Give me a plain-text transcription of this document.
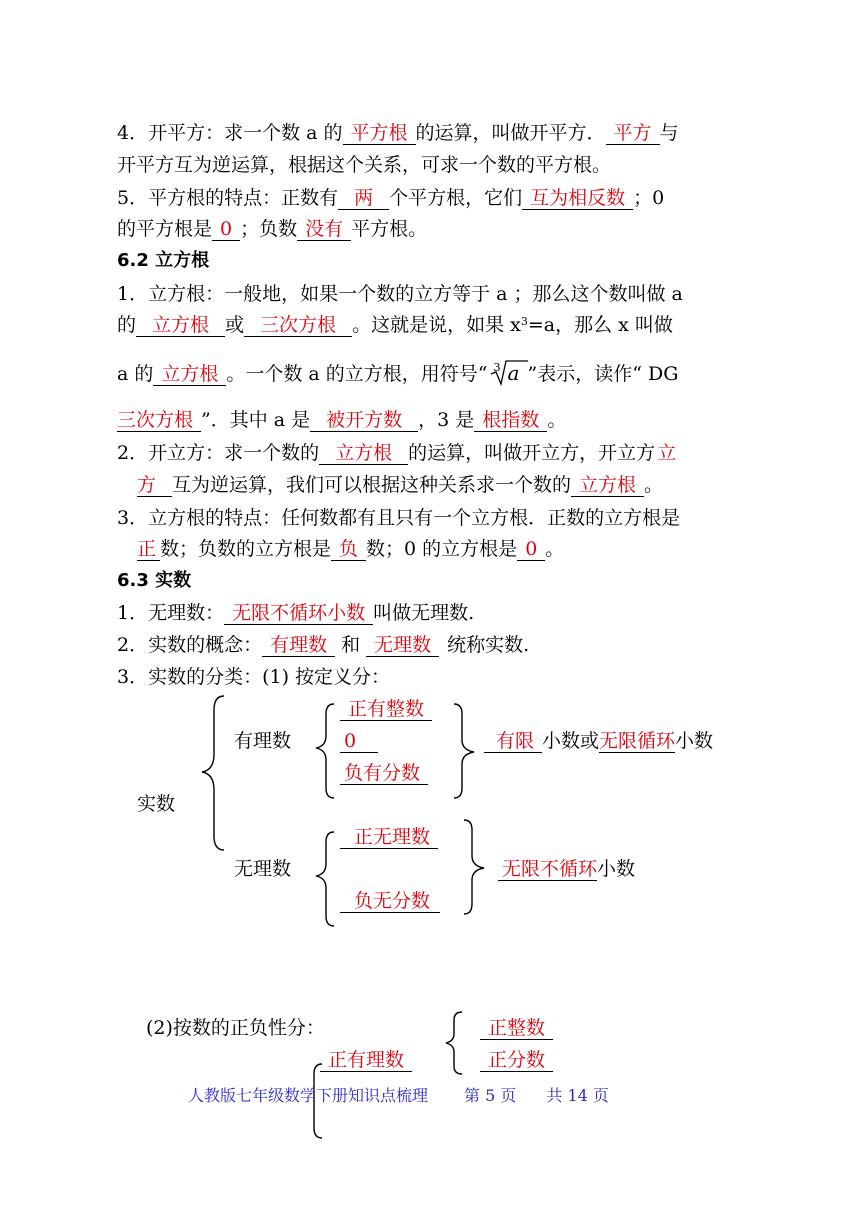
4．开平方：求一个数 a 的 平方根 的运算，叫做开平方． 平方 与
开平方互为逆运算，根据这个关系，可求一个数的平方根。
5．平方根的特点：正数有 两 个平方根，它们 互为相反数 ；0
的平方根是 0 ；负数 没有 平方根。
6.2 立方根
1．立方根：一般地，如果一个数的立方等于 a ；那么这个数叫做 a
的 立方根 或 三次方根 。这就是说，如果 $x^3=a$，那么 x 叫做
a 的 立方根 。一个数 a 的立方根，用符号“ 3 a ”表示，读作“ DG
三次方根 ”．其中 a 是 被开方数 ，3 是 根指数 。
2．开立方：求一个数的 立方根 的运算，叫做开立方，开立方 立
方 互为逆运算，我们可以根据这种关系求一个数的 立方根 。
3．立方根的特点：任何数都有且只有一个立方根．正数的立方根是
正 数；负数的立方根是 负 数；0 的立方根是 0 。
6.3 实数
1．无理数： 无限不循环小数 叫做无理数.
2．实数的概念： 有理数 和 无理数 统称实数.
3．实数的分类：(1) 按定义分：
实数
有理数
正有整数
0
负有分数
有限 小数或无限循环小数
无理数
正无理数
负无分数
无限不循环小数
(2)按数的正负性分：	正整数
正分数
正有理数
人教版七年级数学下册知识点梳理 第 5 页 共 14 页
